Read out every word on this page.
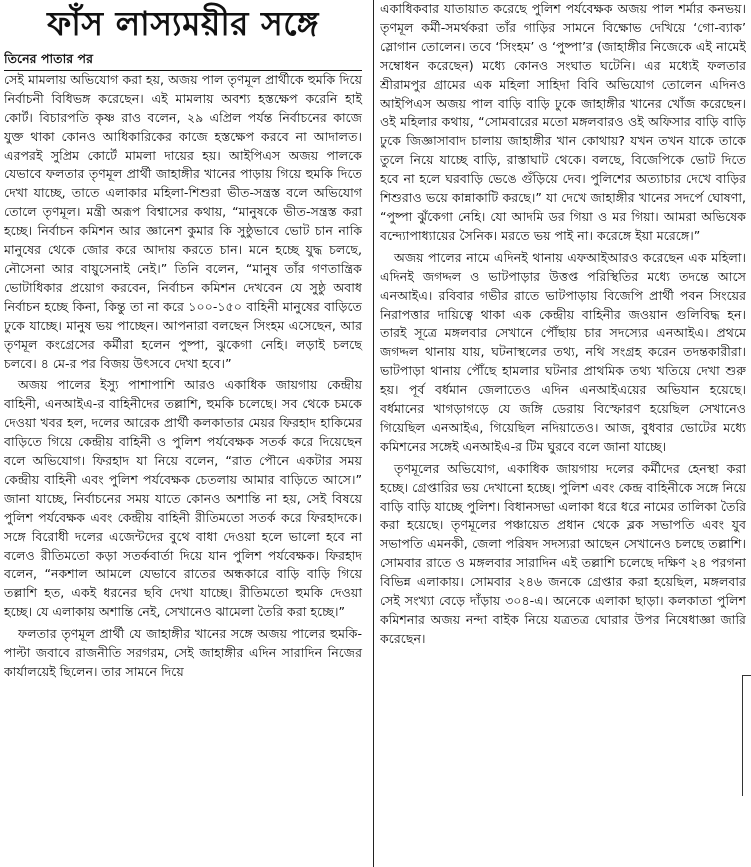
ফাঁস লাস্যময়ীর সঙ্গে
তিনের পাতার পর

সেই মামলায় অভিযোগ করা হয়, অজয় পাল তৃণমূল প্রার্থীকে হুমকি দিয়ে নির্বাচনী বিধিভঙ্গ করেছেন। এই মামলায় অবশ্য হস্তক্ষেপ করেনি হাই কোর্ট। বিচারপতি কৃষ্ণ রাও বলেন, ২৯ এপ্রিল পর্যন্ত নির্বাচনের কাজে যুক্ত থাকা কোনও আধিকারিকের কাজে হস্তক্ষেপ করবে না আদালত। এরপরই সুপ্রিম কোর্টে মামলা দায়ের হয়। আইপিএস অজয় পালকে যেভাবে ফলতার তৃণমূল প্রার্থী জাহাঙ্গীর খানের পাড়ায় গিয়ে হুমকি দিতে দেখা যাচ্ছে, তাতে এলাকার মহিলা-শিশুরা ভীত-সন্ত্রস্ত বলে অভিযোগ তোলে তৃণমূল। মন্ত্রী অরূপ বিশ্বাসের কথায়, “মানুষকে ভীত-সন্ত্রস্ত করা হচ্ছে। নির্বাচন কমিশন আর জ্ঞানেশ কুমার কি সুষ্ঠুভাবে ভোট চান নাকি মানুষের থেকে জোর করে আদায় করতে চান। মনে হচ্ছে যুদ্ধ চলছে, নৌসেনা আর বায়ুসেনাই নেই।” তিনি বলেন, “মানুষ তাঁর গণতান্ত্রিক ভোটাধিকার প্রয়োগ করবেন, নির্বাচন কমিশন দেখবেন যে সুষ্ঠু অবাধ নির্বাচন হচ্ছে কিনা, কিন্তু তা না করে ১০০-১৫০ বাহিনী মানুষের বাড়িতে ঢুকে যাচ্ছে। মানুষ ভয় পাচ্ছেন। আপনারা বলছেন সিংহম এসেছেন, আর তৃণমূল কংগ্রেসের কর্মীরা হলেন পুষ্পা, ঝুকেগা নেহি। লড়াই চলছে চলবে। ৪ মে-র পর বিজয় উৎসবে দেখা হবে।”

অজয় পালের ইস্যু পাশাপাশি আরও একাধিক জায়গায় কেন্দ্রীয় বাহিনী, এনআইএ-র বাহিনীদের তল্লাশি, হুমকি চলেছে। সব থেকে চমকে দেওয়া খবর হল, দলের আরেক প্রার্থী কলকাতার মেয়র ফিরহাদ হাকিমের বাড়িতে গিয়ে কেন্দ্রীয় বাহিনী ও পুলিশ পর্যবেক্ষক সতর্ক করে দিয়েছেন বলে অভিযোগ। ফিরহাদ যা নিয়ে বলেন, “রাত পৌনে একটার সময় কেন্দ্রীয় বাহিনী এবং পুলিশ পর্যবেক্ষক চেতলায় আমার বাড়িতে আসে।” জানা যাচ্ছে, নির্বাচনের সময় যাতে কোনও অশান্তি না হয়, সেই বিষয়ে পুলিশ পর্যবেক্ষক এবং কেন্দ্রীয় বাহিনী রীতিমতো সতর্ক করে ফিরহাদকে। সঙ্গে বিরোধী দলের এজেন্টদের বুথে বাধা দেওয়া হলে ভালো হবে না বলেও রীতিমতো কড়া সতর্কবার্তা দিয়ে যান পুলিশ পর্যবেক্ষক। ফিরহাদ বলেন, “নকশাল আমলে যেভাবে রাতের অন্ধকারে বাড়ি বাড়ি গিয়ে তল্লাশি হত, একই ধরনের ছবি দেখা যাচ্ছে। রীতিমতো হুমকি দেওয়া হচ্ছে। যে এলাকায় অশান্তি নেই, সেখানেও ঝামেলা তৈরি করা হচ্ছে।”

ফলতার তৃণমূল প্রার্থী যে জাহাঙ্গীর খানের সঙ্গে অজয় পালের হুমকি-পাল্টা জবাবে রাজনীতি সরগরম, সেই জাহাঙ্গীর এদিন সারাদিন নিজের কার্যালয়েই ছিলেন। তার সামনে দিয়ে

একাধিকবার যাতায়াত করেছে পুলিশ পর্যবেক্ষক অজয় পাল শর্মার কনভয়। তৃণমূল কর্মী-সমর্থকরা তাঁর গাড়ির সামনে বিক্ষোভ দেখিয়ে ‘গো-ব্যাক’ স্লোগান তোলেন। তবে ‘সিংহম’ ও ‘পুষ্পা’র (জাহাঙ্গীর নিজেকে এই নামেই সম্বোধন করেছেন) মধ্যে কোনও সংঘাত ঘটেনি। এর মধ্যেই ফলতার শ্রীরামপুর গ্রামের এক মহিলা সাহিদা বিবি অভিযোগ তোলেন এদিনও আইপিএস অজয় পাল বাড়ি বাড়ি ঢুকে জাহাঙ্গীর খানের খোঁজ করেছেন। ওই মহিলার কথায়, “সোমবারের মতো মঙ্গলবারও ওই অফিসার বাড়ি বাড়ি ঢুকে জিজ্ঞাসাবাদ চালায় জাহাঙ্গীর খান কোথায়? যখন তখন যাকে তাকে তুলে নিয়ে যাচ্ছে বাড়ি, রাস্তাঘাট থেকে। বলছে, বিজেপিকে ভোট দিতে হবে না হলে ঘরবাড়ি ভেঙে গুঁড়িয়ে দেব। পুলিশের অত্যাচার দেখে বাড়ির শিশুরাও ভয়ে কান্নাকাটি করছে।” যা দেখে জাহাঙ্গীর খানের সদর্পে ঘোষণা, “পুষ্পা ঝুঁকেগা নেহি। যো আদমি ডর গিয়া ও মর গিয়া। আমরা অভিষেক বন্দ্যোপাধ্যায়ের সৈনিক। মরতে ভয় পাই না। করেঙ্গে ইয়া মরেঙ্গে।”

অজয় পালের নামে এদিনই থানায় এফআইআরও করেছেন এক মহিলা। এদিনই জগদ্দল ও ভাটপাড়ার উত্তপ্ত পরিস্থিতির মধ্যে তদন্তে আসে এনআইএ। রবিবার গভীর রাতে ভাটপাড়ায় বিজেপি প্রার্থী পবন সিংয়ের নিরাপত্তার দায়িত্বে থাকা এক কেন্দ্রীয় বাহিনীর জওয়ান গুলিবিদ্ধ হন। তারই সূত্রে মঙ্গলবার সেখানে পৌঁছায় চার সদস্যের এনআইএ। প্রথমে জগদ্দল থানায় যায়, ঘটনাস্থলের তথ্য, নথি সংগ্রহ করেন তদন্তকারীরা। ভাটপাড়া থানায় পৌঁছে হামলার ঘটনার প্রাথমিক তথ্য খতিয়ে দেখা শুরু হয়। পূর্ব বর্ধমান জেলাতেও এদিন এনআইএয়ের অভিযান হয়েছে। বর্ধমানের খাগড়াগড়ে যে জঙ্গি ডেরায় বিস্ফোরণ হয়েছিল সেখানেও গিয়েছিল এনআইএ, গিয়েছিল নদিয়াতেও। আজ, বুধবার ভোটের মধ্যে কমিশনের সঙ্গেই এনআইএ-র টিম ঘুরবে বলে জানা যাচ্ছে।

তৃণমূলের অভিযোগ, একাধিক জায়গায় দলের কর্মীদের হেনস্থা করা হচ্ছে। গ্রেপ্তারির ভয় দেখানো হচ্ছে। পুলিশ এবং কেন্দ্র বাহিনীকে সঙ্গে নিয়ে বাড়ি বাড়ি যাচ্ছে পুলিশ। বিধানসভা এলাকা ধরে ধরে নামের তালিকা তৈরি করা হয়েছে। তৃণমূলের পঞ্চায়েত প্রধান থেকে ব্লক সভাপতি এবং যুব সভাপতি এমনকী, জেলা পরিষদ সদস্যরা আছেন সেখানেও চলছে তল্লাশি। সোমবার রাতে ও মঙ্গলবার সারাদিন এই তল্লাশি চলেছে দক্ষিণ ২৪ পরগনা বিভিন্ন এলাকায়। সোমবার ২৪৬ জনকে গ্রেপ্তার করা হয়েছিল, মঙ্গলবার সেই সংখ্যা বেড়ে দাঁড়ায় ৩০৪-এ। অনেকে এলাকা ছাড়া। কলকাতা পুলিশ কমিশনার অজয় নন্দা বাইক নিয়ে যত্রতত্র ঘোরার উপর নিষেধাজ্ঞা জারি করেছেন।
